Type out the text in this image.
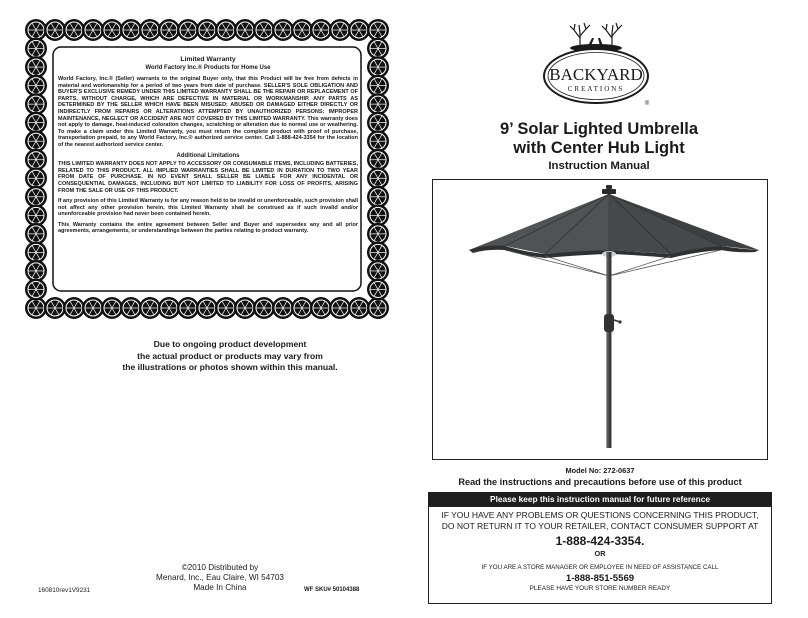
Limited Warranty
World Factory Inc.® Products for Home Use

World Factory, Inc.® (Seller) warrants to the original Buyer only, that this Product will be free from defects in material and workmanship for a period of two years from date of purchase. SELLER'S SOLE OBLIGATION AND BUYER'S EXCLUSIVE REMEDY UNDER THIS LIMITED WARRANTY SHALL BE THE REPAIR OR REPLACEMENT OF PARTS, WITHOUT CHARGE, WHICH ARE DEFECTIVE IN MATERIAL OR WORKMANSHIP. ANY PARTS AS DETERMINED BY THE SELLER WHICH HAVE BEEN MISUSED; ABUSED OR DAMAGED EITHER DIRECTLY OR INDIRECTLY FROM REPAIRS OR ALTERATIONS ATTEMPTED BY UNAUTHORIZED PERSONS; IMPROPER MAINTENANCE, NEGLECT OR ACCIDENT ARE NOT COVERED BY THIS LIMITED WARRANTY. This warranty does not apply to damage, heat-induced coloration changes, scratching or alteration due to normal use or weathering. To make a claim under this Limited Warranty, you must return the complete product with proof of purchase, transportation prepaid, to any World Factory, Inc.® authorized service center. Call 1-888-424-3354 for the location of the nearest authorized service center.

Additional Limitations

THIS LIMITED WARRANTY DOES NOT APPLY TO ACCESSORY OR CONSUMABLE ITEMS, INCLUDING BATTERIES, RELATED TO THIS PRODUCT. ALL IMPLIED WARRANTIES SHALL BE LIMITED IN DURATION TO TWO YEAR FROM DATE OF PURCHASE. IN NO EVENT SHALL SELLER BE LIABLE FOR ANY INCIDENTAL OR CONSEQUENTIAL DAMAGES, INCLUDING BUT NOT LIMITED TO LIABILITY FOR LOSS OF PROFITS, ARISING FROM THE SALE OR USE OF THIS PRODUCT.

If any provision of this Limited Warranty is for any reason held to be invalid or unenforceable, such provision shall not affect any other provision herein, this Limited Warranty shall be construed as if such invalid and/or unenforceable provision had never been contained herein.

This Warranty contains the entire agreement between Seller and Buyer and supersedes any and all prior agreements, arrangements, or understandings between the parties relating to product warranty.

Due to ongoing product development
the actual product or products may vary from
the illustrations or photos shown within this manual.
©2010 Distributed by
Menard, Inc., Eau Claire, WI 54703
Made In China
160810rev1V9231	WF SKU# 50104388
BACKYARD
CREATIONS
®
9’ Solar Lighted Umbrella
with Center Hub Light
Instruction Manual
Model No: 272-0637
Read the instructions and precautions before use of this product
Please keep this instruction manual for future reference
IF YOU HAVE ANY PROBLEMS OR QUESTIONS CONCERNING THIS PRODUCT,
DO NOT RETURN IT TO YOUR RETAILER, CONTACT CONSUMER SUPPORT AT
1-888-424-3354.
OR
IF YOU ARE A STORE MANAGER OR EMPLOYEE IN NEED OF ASSISTANCE CALL
1-888-851-5569
PLEASE HAVE YOUR STORE NUMBER READY
